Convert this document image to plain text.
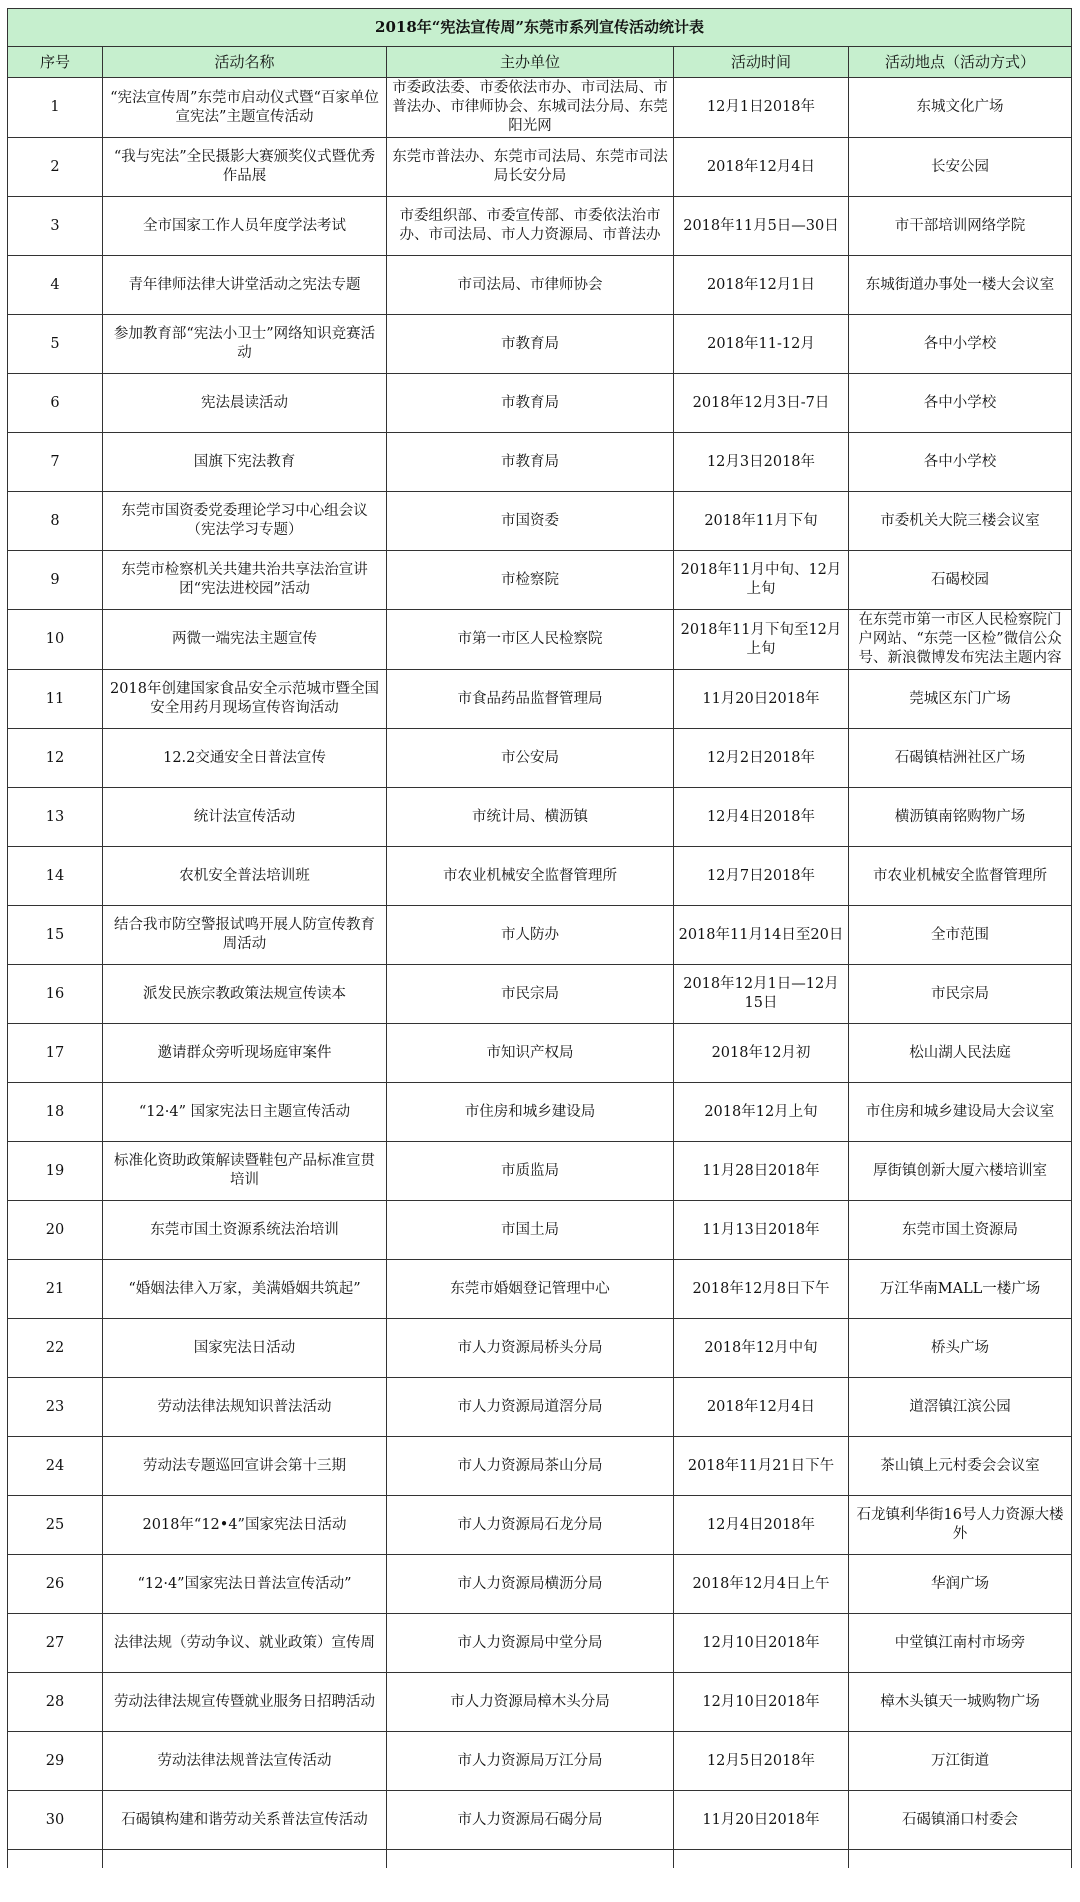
2018年“宪法宣传周”东莞市系列宣传活动统计表				
序号	活动名称	主办单位	活动时间	活动地点（活动方式）
1	“宪法宣传周”东莞市启动仪式暨“百家单位宣宪法”主题宣传活动	市委政法委、市委依法市办、市司法局、市普法办、市律师协会、东城司法分局、东莞阳光网	12月1日2018年	东城文化广场
2	“我与宪法”全民摄影大赛颁奖仪式暨优秀作品展	东莞市普法办、东莞市司法局、东莞市司法局长安分局	2018年12月4日	长安公园
3	全市国家工作人员年度学法考试	市委组织部、市委宣传部、市委依法治市办、市司法局、市人力资源局、市普法办	2018年11月5日—30日	市干部培训网络学院
4	青年律师法律大讲堂活动之宪法专题	市司法局、市律师协会	2018年12月1日	东城街道办事处一楼大会议室
5	参加教育部“宪法小卫士”网络知识竞赛活动	市教育局	2018年11-12月	各中小学校
6	宪法晨读活动	市教育局	2018年12月3日-7日	各中小学校
7	国旗下宪法教育	市教育局	12月3日2018年	各中小学校
8	东莞市国资委党委理论学习中心组会议（宪法学习专题）	市国资委	2018年11月下旬	市委机关大院三楼会议室
9	东莞市检察机关共建共治共享法治宣讲团“宪法进校园”活动	市检察院	2018年11月中旬、12月上旬	石碣校园
10	两微一端宪法主题宣传	市第一市区人民检察院	2018年11月下旬至12月上旬	在东莞市第一市区人民检察院门户网站、“东莞一区检”微信公众号、新浪微博发布宪法主题内容
11	2018年创建国家食品安全示范城市暨全国安全用药月现场宣传咨询活动	市食品药品监督管理局	11月20日2018年	莞城区东门广场
12	12.2交通安全日普法宣传	市公安局	12月2日2018年	石碣镇桔洲社区广场
13	统计法宣传活动	市统计局、横沥镇	12月4日2018年	横沥镇南铭购物广场
14	农机安全普法培训班	市农业机械安全监督管理所	12月7日2018年	市农业机械安全监督管理所
15	结合我市防空警报试鸣开展人防宣传教育周活动	市人防办	2018年11月14日至20日	全市范围
16	派发民族宗教政策法规宣传读本	市民宗局	2018年12月1日—12月15日	市民宗局
17	邀请群众旁听现场庭审案件	市知识产权局	2018年12月初	松山湖人民法庭
18	“12·4” 国家宪法日主题宣传活动	市住房和城乡建设局	2018年12月上旬	市住房和城乡建设局大会议室
19	标准化资助政策解读暨鞋包产品标准宣贯培训	市质监局	11月28日2018年	厚街镇创新大厦六楼培训室
20	东莞市国土资源系统法治培训	市国土局	11月13日2018年	东莞市国土资源局
21	“婚姻法律入万家，美满婚姻共筑起”	东莞市婚姻登记管理中心	2018年12月8日下午	万江华南MALL一楼广场
22	国家宪法日活动	市人力资源局桥头分局	2018年12月中旬	桥头广场
23	劳动法律法规知识普法活动	市人力资源局道滘分局	2018年12月4日	道滘镇江滨公园
24	劳动法专题巡回宣讲会第十三期	市人力资源局茶山分局	2018年11月21日下午	茶山镇上元村委会会议室
25	2018年“12•4”国家宪法日活动	市人力资源局石龙分局	12月4日2018年	石龙镇利华街16号人力资源大楼外
26	“12·4”国家宪法日普法宣传活动”	市人力资源局横沥分局	2018年12月4日上午	华润广场
27	法律法规（劳动争议、就业政策）宣传周	市人力资源局中堂分局	12月10日2018年	中堂镇江南村市场旁
28	劳动法律法规宣传暨就业服务日招聘活动	市人力资源局樟木头分局	12月10日2018年	樟木头镇天一城购物广场
29	劳动法律法规普法宣传活动	市人力资源局万江分局	12月5日2018年	万江街道
30	石碣镇构建和谐劳动关系普法宣传活动	市人力资源局石碣分局	11月20日2018年	石碣镇涌口村委会
